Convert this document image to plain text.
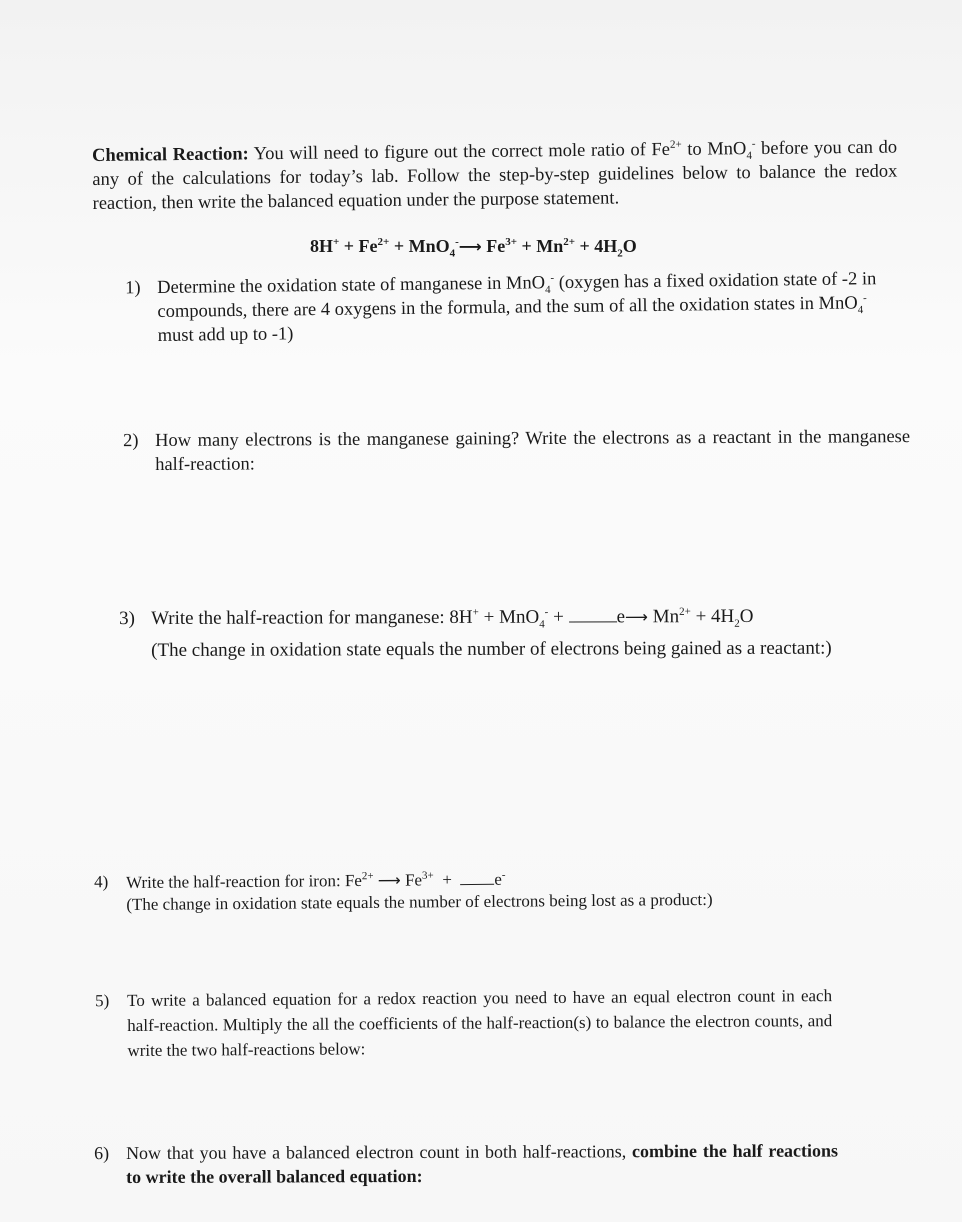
Chemical Reaction: You will need to figure out the correct mole ratio of $Fe^{2+}$ to MnO$_4$- before you can do any of the calculations for today’s lab. Follow the step-by-step guidelines below to balance the redox reaction, then write the balanced equation under the purpose statement.
$8H^+ + Fe^{2+}$ + MnO$_4$-⟶ $Fe^{3+} + Mn^{2+} + 4H_2O$
1) Determine the oxidation state of manganese in MnO$_4$- (oxygen has a fixed oxidation state of -2 in compounds, there are 4 oxygens in the formula, and the sum of all the oxidation states in MnO$_4$- must add up to -1)
2) How many electrons is the manganese gaining? Write the electrons as a reactant in the manganese half-reaction:
3) Write the half-reaction for manganese: 8H+ + MnO$_4$- +	e⟶ $Mn^{2+} + 4H_2O$
(The change in oxidation state equals the number of electrons being gained as a reactant:)
4) Write the half-reaction for iron: $Fe^{2+}$ ⟶ $Fe^{3+} + e^-$
(The change in oxidation state equals the number of electrons being lost as a product:)
5) To write a balanced equation for a redox reaction you need to have an equal electron count in each half-reaction. Multiply the all the coefficients of the half-reaction(s) to balance the electron counts, and write the two half-reactions below:
6) Now that you have a balanced electron count in both half-reactions, combine the half reactions to write the overall balanced equation:
